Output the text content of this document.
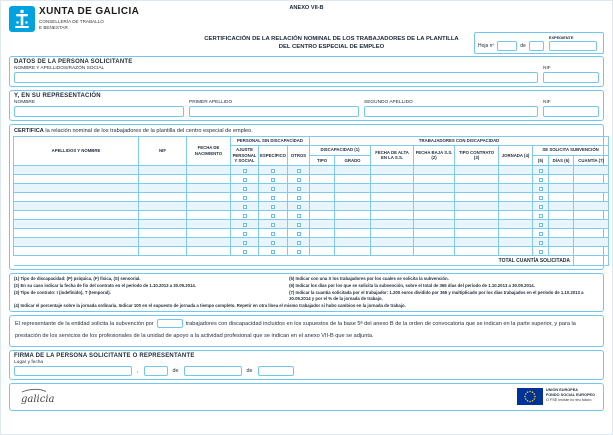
XUNTA DE GALICIA
CONSELLERÍA DE TRABALLO
E BENESTAR
ANEXO VII-B
CERTIFICACIÓN DE LA RELACIÓN NOMINAL DE LOS TRABAJADORES DE LA PLANTILLA
DEL CENTRO ESPECIAL DE EMPLEO	Hoja nº	de
EXPEDIENTE
DATOS DE LA PERSONA SOLICITANTE
NOMBRE Y APELLIDOS/RAZÓN SOCIAL	NIF
Y, EN SU REPRESENTACIÓN
NOMBRE	PRIMER APELLIDO	SEGUNDO APELLIDO	NIF
CERTIFICA la relación nominal de los trabajadores de la plantilla del centro especial de empleo.
APELLIDOS Y NOMBRE	NIF	FECHA DE NACIMIENTO	PERSONAL SIN DISCAPACIDAD			TRABAJADORES CON DISCAPACIDAD								
			AJUSTE PERSONAL Y SOCIAL	ESPECÍFICO	OTROS	DISCAPACIDAD (1)		FECHA DE ALTA EN LA S.S.	FECHA BAJA S.S. (2)	TIPO CONTRATO (3)	JORNADA (4)	SE SOLICITA SUBVENCIÓN		
						TIPO	GRADO					(5)	DÍAS (6)	CUANTÍA (7)

TOTAL CUANTÍA SOLICITADA														
(1) Tipo de discapacidad: (P) psíquica, (F) física, (S) sensorial.
(2) En su caso indicar la fecha de fin del contrato en el período de 1.10.2013 a 30.09.2014.
(3) Tipo de contrato: I (indefinido), T (temporal).
(5) Indicar con una X los trabajadores por los cuales se solicita la subvención.
(6) Indicar los días por los que se solicita la subvención, sobre el total de 365 días del período de 1.10.2013 a 30.09.2014.
(7) Indicar la cuantía solicitada por el trabajador: 1.200 euros dividido por 365 y multiplicado por los días trabajados en el período de 1.10.2013 a 30.09.2014 y por el % de la jornada de trabajo.
(4) Indicar el porcentaje sobre la jornada ordinaria. Indicar 100 en el supuesto de jornada a tiempo completo. Repetir en otra línea el mismo trabajador si hubo cambios en la jornada de trabajo.
El representante de la entidad solicita la subvención por	trabajadores con discapacidad incluidos en los supuestos de la base 5ª del anexo B de la orden de convocatoria que se indican en la parte superior, y para la prestación de los servicios de los profesionales de la unidad de apoyo a la actividad profesional que se indican en el anexo VII-B que se adjunta.
FIRMA DE LA PERSONA SOLICITANTE O REPRESENTANTE
Lugar y fecha
,	de	de
galicia
UNIÓN EUROPEA
FONDO SOCIAL EUROPEO
O FSE inviste no teu futuro
